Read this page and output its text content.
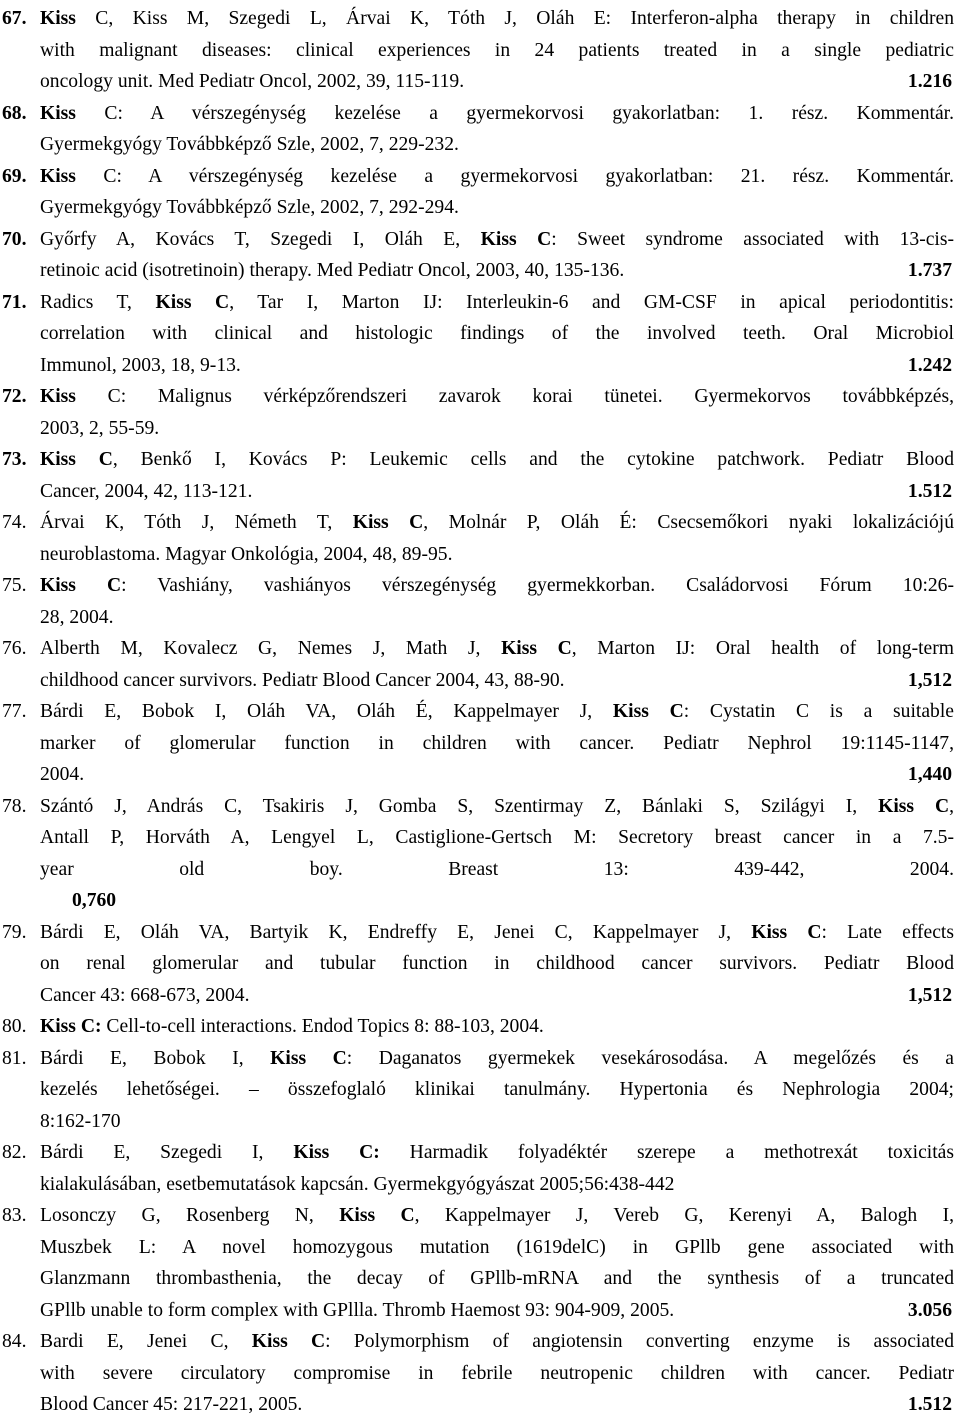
67. Kiss C, Kiss M, Szegedi L, Árvai K, Tóth J, Oláh E: Interferon-alpha therapy in children
with malignant diseases: clinical experiences in 24 patients treated in a single pediatric
oncology unit. Med Pediatr Oncol, 2002, 39, 115-119.	1.216
68. Kiss C: A vérszegénység kezelése a gyermekorvosi gyakorlatban: 1. rész. Kommentár.
Gyermekgyógy Továbbképző Szle, 2002, 7, 229-232.
69. Kiss C: A vérszegénység kezelése a gyermekorvosi gyakorlatban: 21. rész. Kommentár.
Gyermekgyógy Továbbképző Szle, 2002, 7, 292-294.
70. Győrfy A, Kovács T, Szegedi I, Oláh E, Kiss C: Sweet syndrome associated with 13-cis-
retinoic acid (isotretinoin) therapy. Med Pediatr Oncol, 2003, 40, 135-136.	1.737
71. Radics T, Kiss C, Tar I, Marton IJ: Interleukin-6 and GM-CSF in apical periodontitis:
correlation with clinical and histologic findings of the involved teeth. Oral Microbiol
Immunol, 2003, 18, 9-13.	1.242
72. Kiss C: Malignus vérképzőrendszeri zavarok korai tünetei. Gyermekorvos továbbképzés,
2003, 2, 55-59.
73. Kiss C, Benkő I, Kovács P: Leukemic cells and the cytokine patchwork. Pediatr Blood
Cancer, 2004, 42, 113-121.	1.512
74. Árvai K, Tóth J, Németh T, Kiss C, Molnár P, Oláh É: Csecsemőkori nyaki lokalizációjú
neuroblastoma. Magyar Onkológia, 2004, 48, 89-95.
75. Kiss C: Vashiány, vashiányos vérszegénység gyermekkorban. Családorvosi Fórum 10:26-
28, 2004.
76. Alberth M, Kovalecz G, Nemes J, Math J, Kiss C, Marton IJ: Oral health of long-term
childhood cancer survivors. Pediatr Blood Cancer 2004, 43, 88-90.	1,512
77. Bárdi E, Bobok I, Oláh VA, Oláh É, Kappelmayer J, Kiss C: Cystatin C is a suitable
marker of glomerular function in children with cancer. Pediatr Nephrol 19:1145-1147,
2004.	1,440
78. Szántó J, András C, Tsakiris J, Gomba S, Szentirmay Z, Bánlaki S, Szilágyi I, Kiss C,
Antall P, Horváth A, Lengyel L, Castiglione-Gertsch M: Secretory breast cancer in a 7.5-
year old boy. Breast 13: 439-442, 2004.
0,760
79. Bárdi E, Oláh VA, Bartyik K, Endreffy E, Jenei C, Kappelmayer J, Kiss C: Late effects
on renal glomerular and tubular function in childhood cancer survivors. Pediatr Blood
Cancer 43: 668-673, 2004.	1,512
80. Kiss C: Cell-to-cell interactions. Endod Topics 8: 88-103, 2004.
81. Bárdi E, Bobok I, Kiss C: Daganatos gyermekek vesekárosodása. A megelőzés és a
kezelés lehetőségei. – összefoglaló klinikai tanulmány. Hypertonia és Nephrologia 2004;
8:162-170
82. Bárdi E, Szegedi I, Kiss C: Harmadik folyadéktér szerepe a methotrexát toxicitás
kialakulásában, esetbemutatások kapcsán. Gyermekgyógyászat 2005;56:438-442
83. Losonczy G, Rosenberg N, Kiss C, Kappelmayer J, Vereb G, Kerenyi A, Balogh I,
Muszbek L: A novel homozygous mutation (1619delC) in GPllb gene associated with
Glanzmann thrombasthenia, the decay of GPllb-mRNA and the synthesis of a truncated
GPllb unable to form complex with GPllla. Thromb Haemost 93: 904-909, 2005.	3.056
84. Bardi E, Jenei C, Kiss C: Polymorphism of angiotensin converting enzyme is associated
with severe circulatory compromise in febrile neutropenic children with cancer. Pediatr
Blood Cancer 45: 217-221, 2005.	1.512
